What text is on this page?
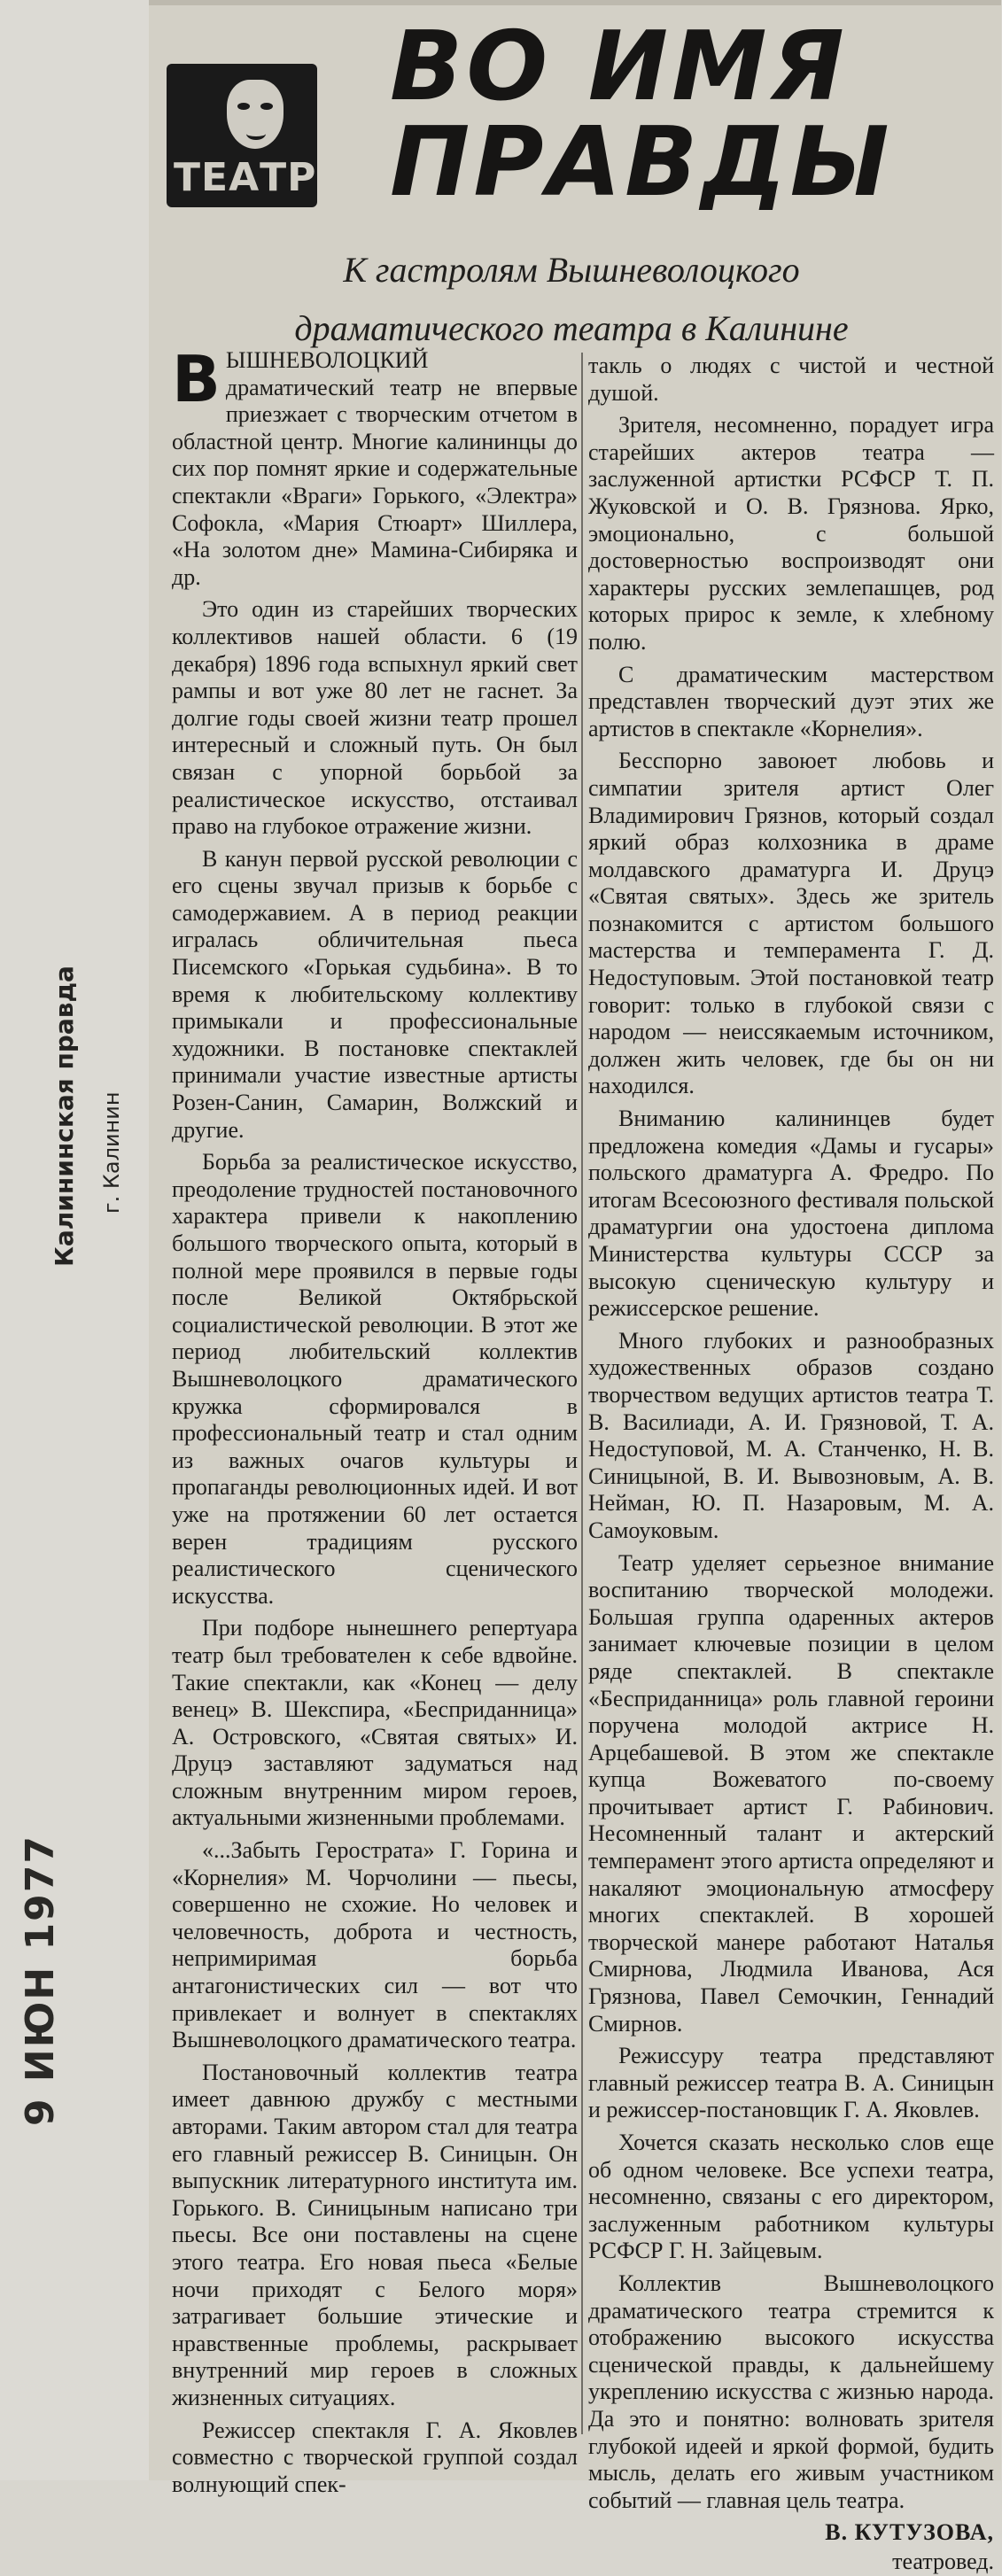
Калининская правда г. Калинин
9 ИЮН 1977
ТЕАТР
ВО ИМЯ
ПРАВДЫ
К гастролям Вышневолоцкого
драматического театра в Калинине

ВЫШНЕВОЛОЦКИЙ драматический театр не впервые приезжает с творческим отчетом в областной центр. Многие калининцы до сих пор помнят яркие и содержательные спектакли «Враги» Горького, «Электра» Софокла, «Мария Стюарт» Шиллера, «На золотом дне» Мамина-Сибиряка и др.

Это один из старейших творческих коллективов нашей области. 6 (19 декабря) 1896 года вспыхнул яркий свет рампы и вот уже 80 лет не гаснет. За долгие годы своей жизни театр прошел интересный и сложный путь. Он был связан с упорной борьбой за реалистическое искусство, отстаивал право на глубокое отражение жизни.

В канун первой русской революции с его сцены звучал призыв к борьбе с самодержавием. А в период реакции игралась обличительная пьеса Писемского «Горькая судьбина». В то время к любительскому коллективу примыкали и профессиональные художники. В постановке спектаклей принимали участие известные артисты Розен-Санин, Самарин, Волжский и другие.

Борьба за реалистическое искусство, преодоление трудностей постановочного характера привели к накоплению большого творческого опыта, который в полной мере проявился в первые годы после Великой Октябрьской социалистической революции. В этот же период любительский коллектив Вышневолоцкого драматического кружка сформировался в профессиональный театр и стал одним из важных очагов культуры и пропаганды революционных идей. И вот уже на протяжении 60 лет остается верен традициям русского реалистического сценического искусства.

При подборе нынешнего репертуара театр был требователен к себе вдвойне. Такие спектакли, как «Конец — делу венец» В. Шекспира, «Бесприданница» А. Островского, «Святая святых» И. Друцэ заставляют задуматься над сложным внутренним миром героев, актуальными жизненными проблемами.

«...Забыть Герострата» Г. Горина и «Корнелия» М. Чорчолини — пьесы, совершенно не схожие. Но человек и человечность, доброта и честность, непримиримая борьба антагонистических сил — вот что привлекает и волнует в спектаклях Вышневолоцкого драматического театра.

Постановочный коллектив театра имеет давнюю дружбу с местными авторами. Таким автором стал для театра его главный режиссер В. Синицын. Он выпускник литературного института им. Горького. В. Синицыным написано три пьесы. Все они поставлены на сцене этого театра. Его новая пьеса «Белые ночи приходят с Белого моря» затрагивает большие этические и нравственные проблемы, раскрывает внутренний мир героев в сложных жизненных ситуациях.

Режиссер спектакля Г. А. Яковлев совместно с творческой группой создал волнующий спек-

такль о людях с чистой и честной душой.

Зрителя, несомненно, порадует игра старейших актеров театра — заслуженной артистки РСФСР Т. П. Жуковской и О. В. Грязнова. Ярко, эмоционально, с большой достоверностью воспроизводят они характеры русских землепашцев, род которых прирос к земле, к хлебному полю.

С драматическим мастерством представлен творческий дуэт этих же артистов в спектакле «Корнелия».

Бесспорно завоюет любовь и симпатии зрителя артист Олег Владимирович Грязнов, который создал яркий образ колхозника в драме молдавского драматурга И. Друцэ «Святая святых». Здесь же зритель познакомится с артистом большого мастерства и темперамента Г. Д. Недоступовым. Этой постановкой театр говорит: только в глубокой связи с народом — неиссякаемым источником, должен жить человек, где бы он ни находился.

Вниманию калининцев будет предложена комедия «Дамы и гусары» польского драматурга А. Фредро. По итогам Всесоюзного фестиваля польской драматургии она удостоена диплома Министерства культуры СССР за высокую сценическую культуру и режиссерское решение.

Много глубоких и разнообразных художественных образов создано творчеством ведущих артистов театра Т. В. Василиади, А. И. Грязновой, Т. А. Недоступовой, М. А. Станченко, Н. В. Синицыной, В. И. Вывозновым, А. В. Нейман, Ю. П. Назаровым, М. А. Самоуковым.

Театр уделяет серьезное внимание воспитанию творческой молодежи. Большая группа одаренных актеров занимает ключевые позиции в целом ряде спектаклей. В спектакле «Бесприданница» роль главной героини поручена молодой актрисе Н. Арцебашевой. В этом же спектакле купца Вожеватого по-своему прочитывает артист Г. Рабинович. Несомненный талант и актерский темперамент этого артиста определяют и накаляют эмоциональную атмосферу многих спектаклей. В хорошей творческой манере работают Наталья Смирнова, Людмила Иванова, Ася Грязнова, Павел Семочкин, Геннадий Смирнов.

Режиссуру театра представляют главный режиссер театра В. А. Синицын и режиссер-постановщик Г. А. Яковлев.

Хочется сказать несколько слов еще об одном человеке. Все успехи театра, несомненно, связаны с его директором, заслуженным работником культуры РСФСР Г. Н. Зайцевым.

Коллектив Вышневолоцкого драматического театра стремится к отображению высокого искусства сценической правды, к дальнейшему укреплению искусства с жизнью народа. Да это и понятно: волновать зрителя глубокой идеей и яркой формой, будить мысль, делать его живым участником событий — главная цель театра.

В. КУТУЗОВА,
театровед.
